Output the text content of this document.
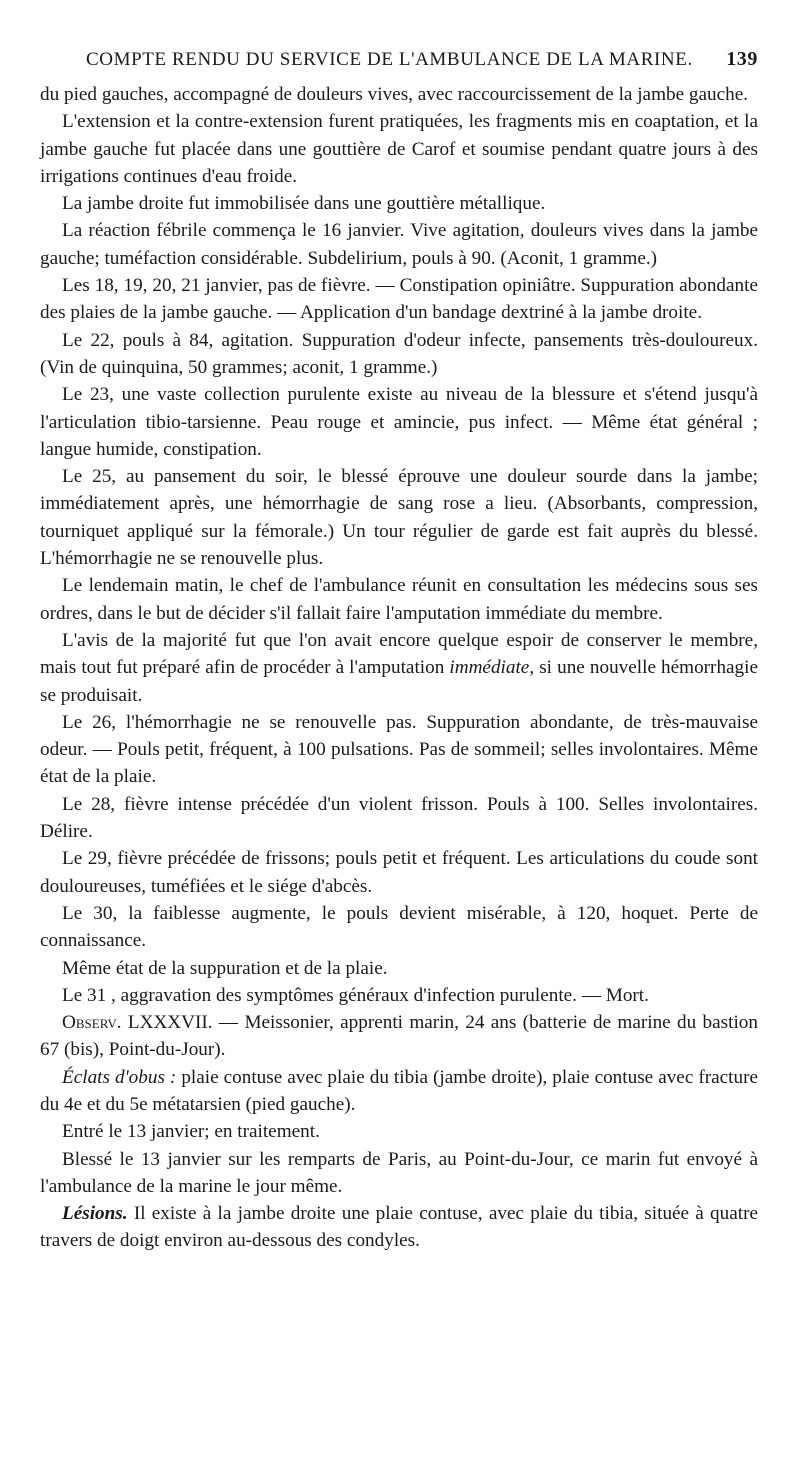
COMPTE RENDU DU SERVICE DE L'AMBULANCE DE LA MARINE. 139

du pied gauches, accompagné de douleurs vives, avec raccourcissement de la jambe gauche.

L'extension et la contre-extension furent pratiquées, les fragments mis en coaptation, et la jambe gauche fut placée dans une gouttière de Carof et soumise pendant quatre jours à des irrigations continues d'eau froide.

La jambe droite fut immobilisée dans une gouttière métallique.

La réaction fébrile commença le 16 janvier. Vive agitation, douleurs vives dans la jambe gauche; tuméfaction considérable. Subdelirium, pouls à 90. (Aconit, 1 gramme.)

Les 18, 19, 20, 21 janvier, pas de fièvre. — Constipation opiniâtre. Suppuration abondante des plaies de la jambe gauche. — Application d'un bandage dextriné à la jambe droite.

Le 22, pouls à 84, agitation. Suppuration d'odeur infecte, pansements très-douloureux. (Vin de quinquina, 50 grammes; aconit, 1 gramme.)

Le 23, une vaste collection purulente existe au niveau de la blessure et s'étend jusqu'à l'articulation tibio-tarsienne. Peau rouge et amincie, pus infect. — Même état général ; langue humide, constipation.

Le 25, au pansement du soir, le blessé éprouve une douleur sourde dans la jambe; immédiatement après, une hémorrhagie de sang rose a lieu. (Absorbants, compression, tourniquet appliqué sur la fémorale.) Un tour régulier de garde est fait auprès du blessé. L'hémorrhagie ne se renouvelle plus.

Le lendemain matin, le chef de l'ambulance réunit en consultation les médecins sous ses ordres, dans le but de décider s'il fallait faire l'amputation immédiate du membre.

L'avis de la majorité fut que l'on avait encore quelque espoir de conserver le membre, mais tout fut préparé afin de procéder à l'amputation immédiate, si une nouvelle hémorrhagie se produisait.

Le 26, l'hémorrhagie ne se renouvelle pas. Suppuration abondante, de très-mauvaise odeur. — Pouls petit, fréquent, à 100 pulsations. Pas de sommeil; selles involontaires. Même état de la plaie.

Le 28, fièvre intense précédée d'un violent frisson. Pouls à 100. Selles involontaires. Délire.

Le 29, fièvre précédée de frissons; pouls petit et fréquent. Les articulations du coude sont douloureuses, tuméfiées et le siége d'abcès.

Le 30, la faiblesse augmente, le pouls devient misérable, à 120, hoquet. Perte de connaissance.

Même état de la suppuration et de la plaie.

Le 31 , aggravation des symptômes généraux d'infection purulente. — Mort.

Observ. LXXXVII. — Meissonier, apprenti marin, 24 ans (batterie de marine du bastion 67 (bis), Point-du-Jour).

Éclats d'obus : plaie contuse avec plaie du tibia (jambe droite), plaie contuse avec fracture du 4e et du 5e métatarsien (pied gauche).

Entré le 13 janvier; en traitement.

Blessé le 13 janvier sur les remparts de Paris, au Point-du-Jour, ce marin fut envoyé à l'ambulance de la marine le jour même.

Lésions. Il existe à la jambe droite une plaie contuse, avec plaie du tibia, située à quatre travers de doigt environ au-dessous des condyles.
